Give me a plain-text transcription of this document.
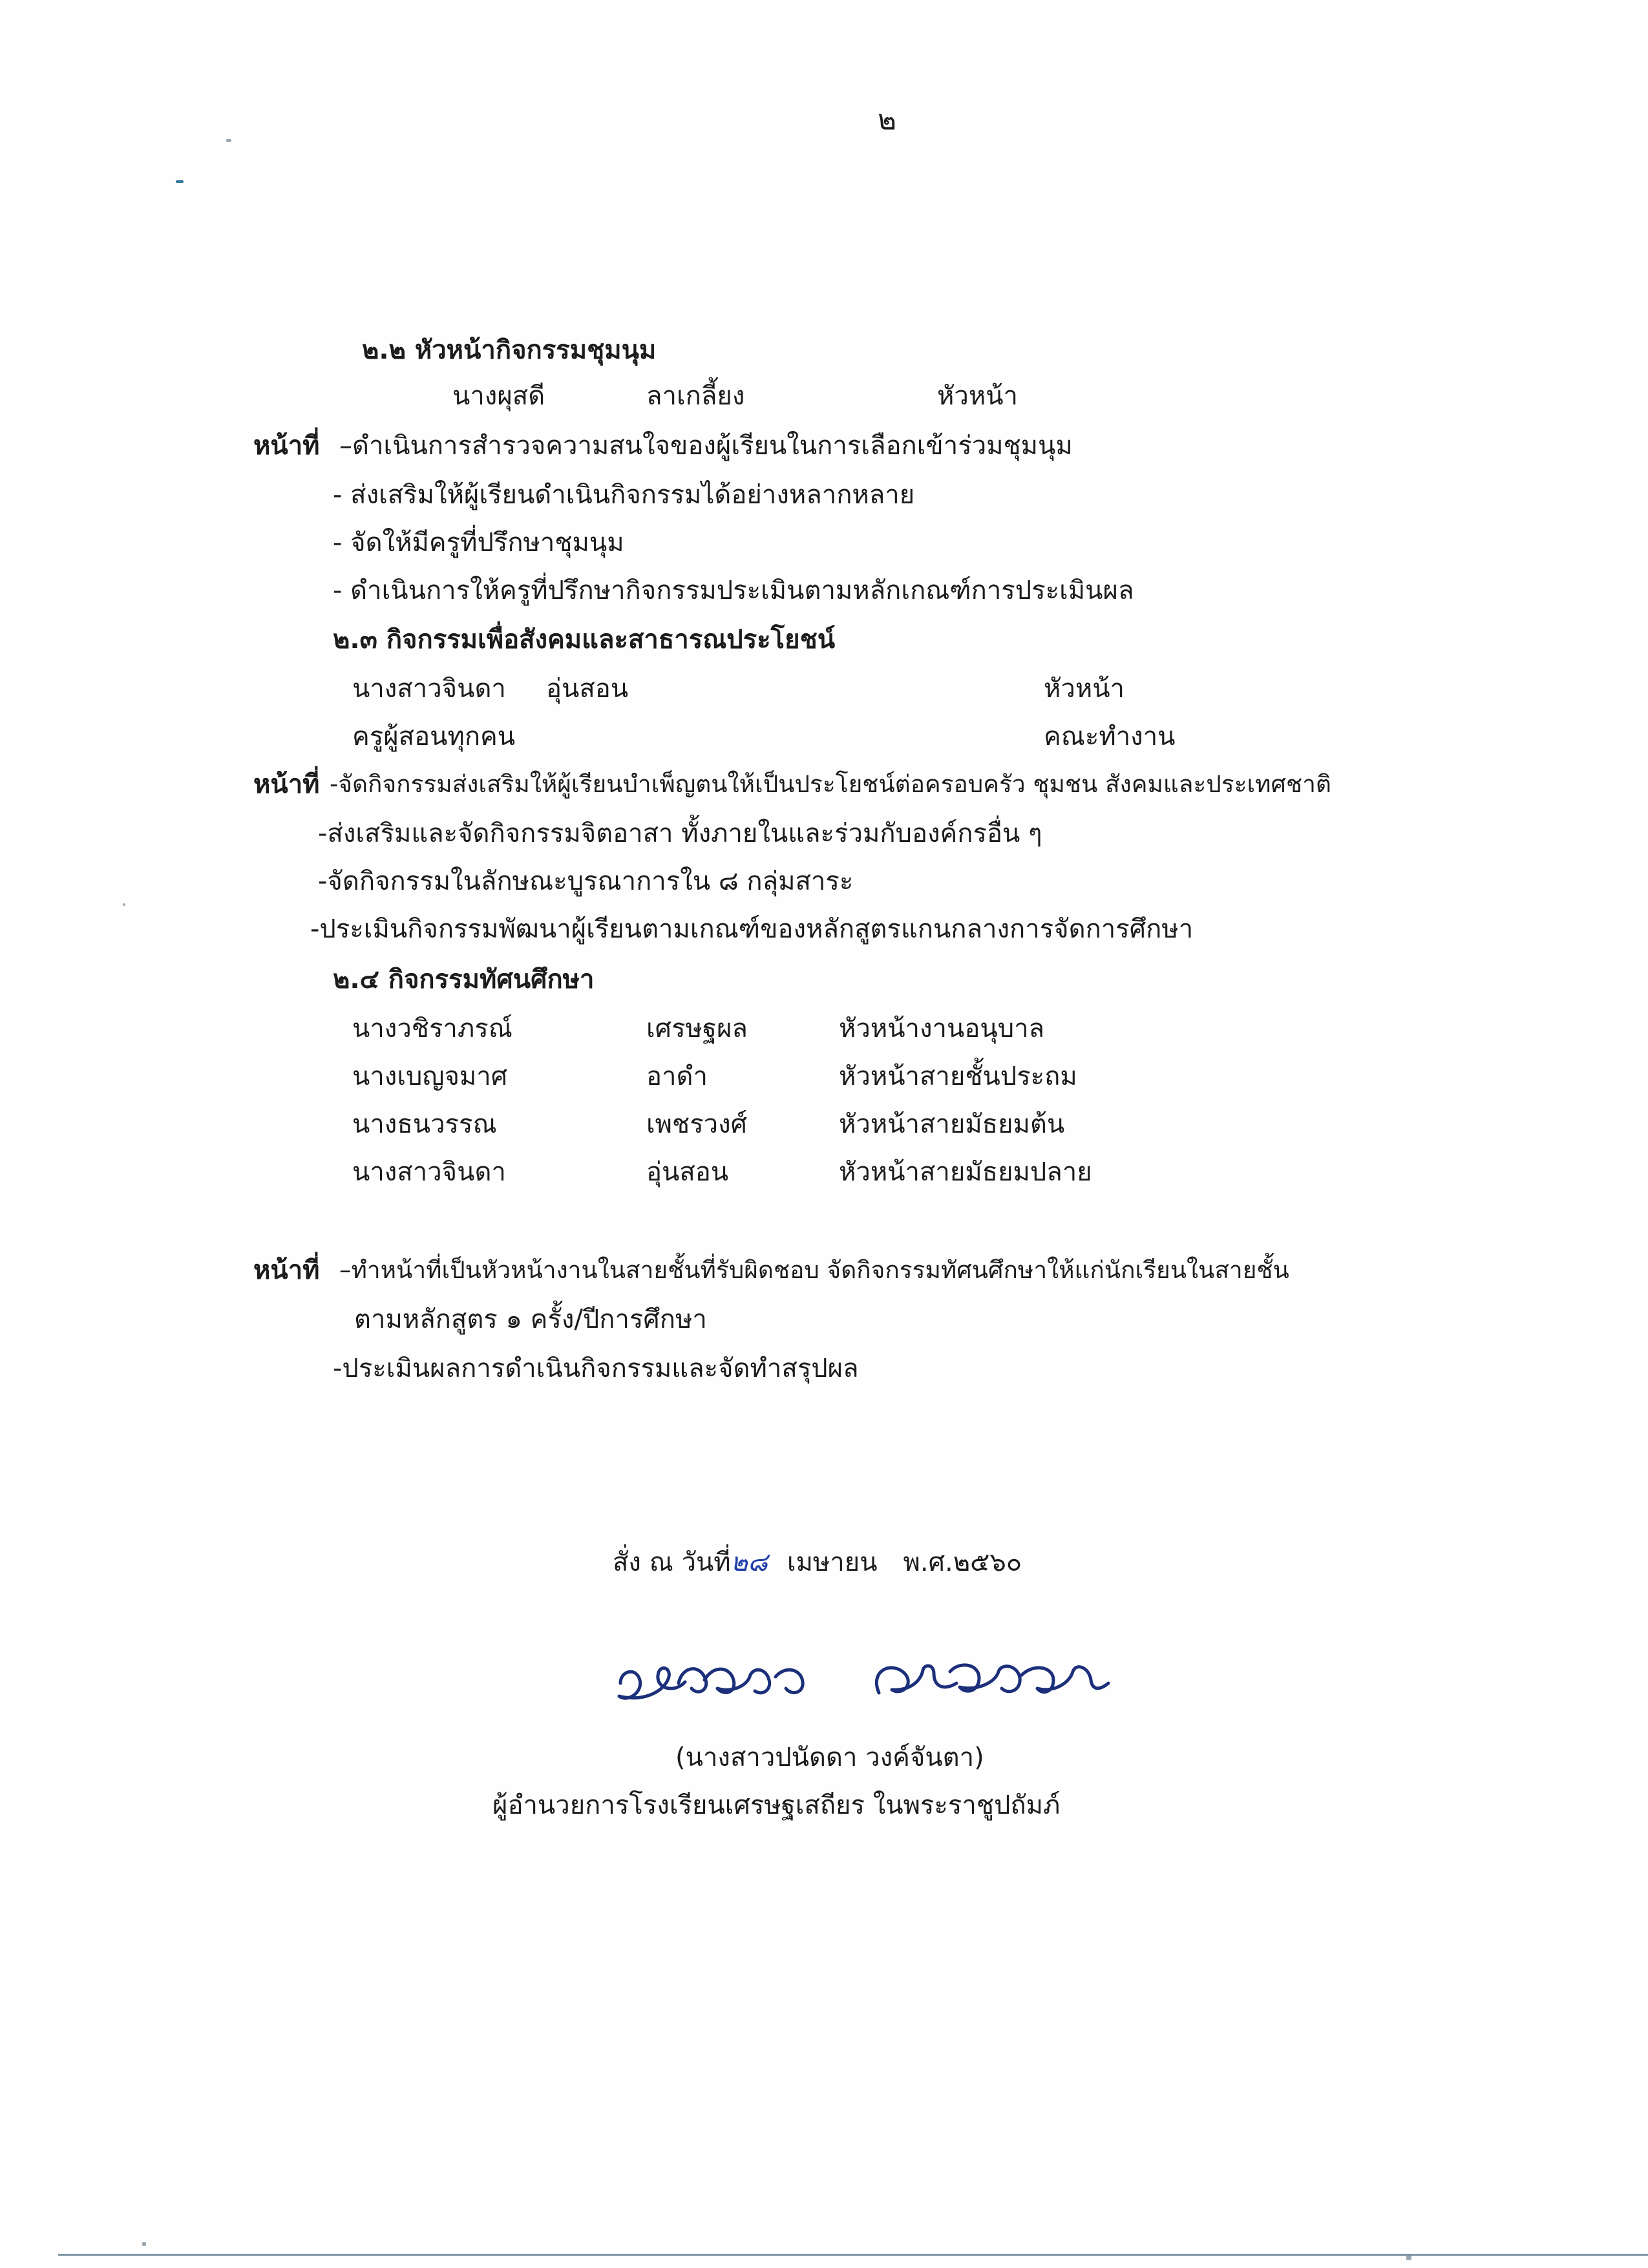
๒
๒.๒ หัวหน้ากิจกรรมชุมนุม
นางผุสดี	ลาเกลี้ยง	หัวหน้า
หน้าที่ –ดำเนินการสำรวจความสนใจของผู้เรียนในการเลือกเข้าร่วมชุมนุม
- ส่งเสริมให้ผู้เรียนดำเนินกิจกรรมได้อย่างหลากหลาย
- จัดให้มีครูที่ปรึกษาชุมนุม
- ดำเนินการให้ครูที่ปรึกษากิจกรรมประเมินตามหลักเกณฑ์การประเมินผล
๒.๓ กิจกรรมเพื่อสังคมและสาธารณประโยชน์
นางสาวจินดา อุ่นสอน	หัวหน้า
ครูผู้สอนทุกคน	คณะทำงาน
หน้าที่ -จัดกิจกรรมส่งเสริมให้ผู้เรียนบำเพ็ญตนให้เป็นประโยชน์ต่อครอบครัว ชุมชน สังคมและประเทศชาติ
-ส่งเสริมและจัดกิจกรรมจิตอาสา ทั้งภายในและร่วมกับองค์กรอื่น ๆ
-จัดกิจกรรมในลักษณะบูรณาการใน ๘ กลุ่มสาระ
-ประเมินกิจกรรมพัฒนาผู้เรียนตามเกณฑ์ของหลักสูตรแกนกลางการจัดการศึกษา
๒.๔ กิจกรรมทัศนศึกษา
นางวชิราภรณ์	เศรษฐผล	หัวหน้างานอนุบาล
นางเบญจมาศ	อาดำ	หัวหน้าสายชั้นประถม
นางธนวรรณ	เพชรวงศ์	หัวหน้าสายมัธยมต้น
นางสาวจินดา	อุ่นสอน	หัวหน้าสายมัธยมปลาย
หน้าที่ –ทำหน้าที่เป็นหัวหน้างานในสายชั้นที่รับผิดชอบ จัดกิจกรรมทัศนศึกษาให้แก่นักเรียนในสายชั้น
ตามหลักสูตร ๑ ครั้ง/ปีการศึกษา
-ประเมินผลการดำเนินกิจกรรมและจัดทำสรุปผล
สั่ง ณ วันที่๒๘ เมษายน พ.ศ.๒๕๖๐
(นางสาวปนัดดา วงค์จันตา)
ผู้อำนวยการโรงเรียนเศรษฐเสถียร ในพระราชูปถัมภ์
